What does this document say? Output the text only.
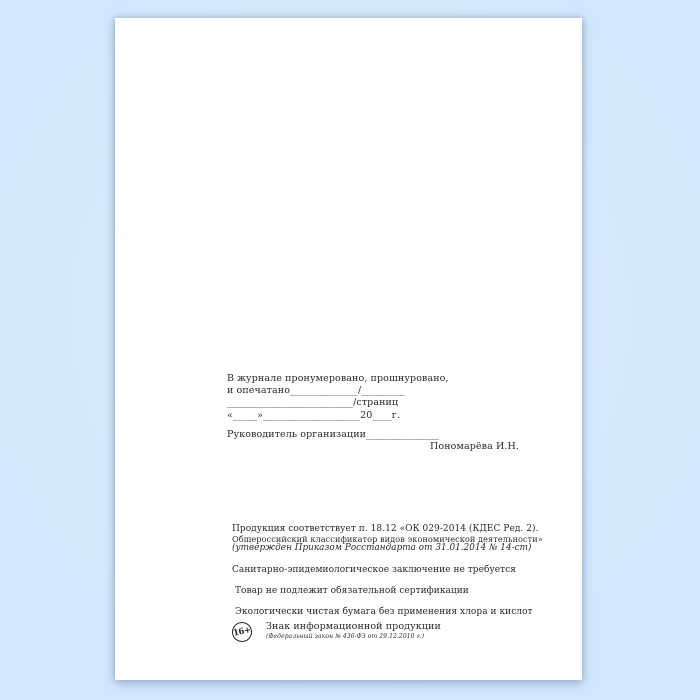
В журнале пронумеровано, прошнуровано,
и опечатано______________/_________
__________________________/страниц
«_____»____________________20____г.
Руководитель организации_______________
Пономарёва И.Н.
Продукция соответствует п. 18.12 «ОК 029-2014 (КДЕС Ред. 2).
Общероссийский классификатор видов экономической деятельности»
(утвержден Приказом Росстандарта от 31.01.2014 № 14-ст)
Санитарно-эпидемиологическое заключение не требуется
Товар не подлежит обязательной сертификации
Экологически чистая бумага без применения хлора и кислот
16+ Знак информационной продукции
(Федеральный закон № 436-ФЗ от 29.12.2010 г.)
